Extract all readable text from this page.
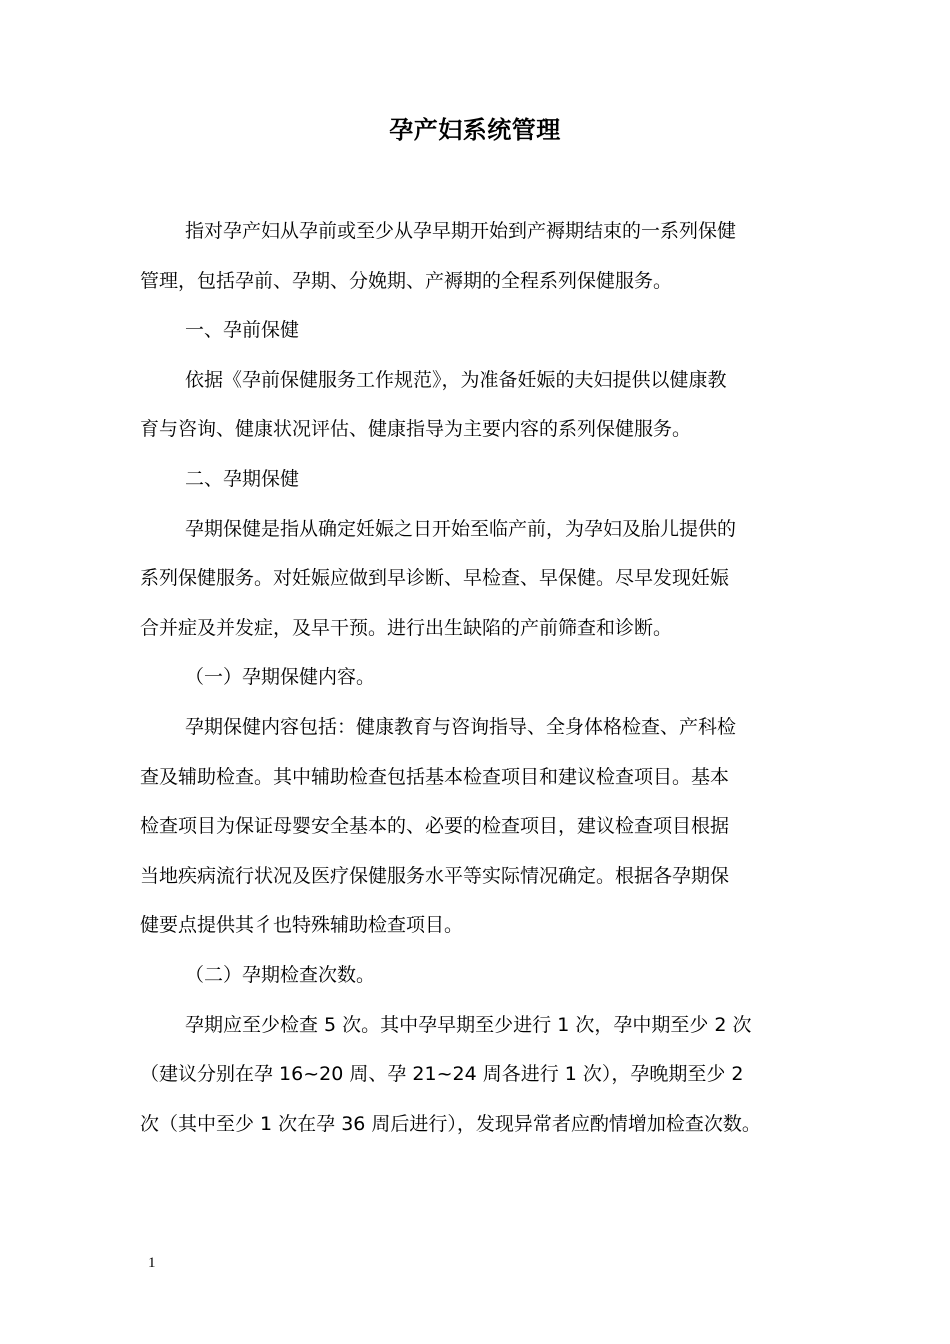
孕产妇系统管理
指对孕产妇从孕前或至少从孕早期开始到产褥期结束的一系列保健
管理，包括孕前、孕期、分娩期、产褥期的全程系列保健服务。
一、孕前保健
依据《孕前保健服务工作规范》，为准备妊娠的夫妇提供以健康教
育与咨询、健康状况评估、健康指导为主要内容的系列保健服务。
二、孕期保健
孕期保健是指从确定妊娠之日开始至临产前，为孕妇及胎儿提供的
系列保健服务。对妊娠应做到早诊断、早检查、早保健。尽早发现妊娠
合并症及并发症，及早干预。进行出生缺陷的产前筛查和诊断。
（一）孕期保健内容。
孕期保健内容包括：健康教育与咨询指导、全身体格检查、产科检
查及辅助检查。其中辅助检查包括基本检查项目和建议检查项目。基本
检查项目为保证母婴安全基本的、必要的检查项目，建议检查项目根据
当地疾病流行状况及医疗保健服务水平等实际情况确定。根据各孕期保
健要点提供其彳也特殊辅助检查项目。
（二）孕期检查次数。
孕期应至少检查 5 次。其中孕早期至少进行 1 次，孕中期至少 2 次
（建议分别在孕 16~20 周、孕 21~24 周各进行 1 次），孕晚期至少 2
次（其中至少 1 次在孕 36 周后进行），发现异常者应酌情增加检查次数。
1
